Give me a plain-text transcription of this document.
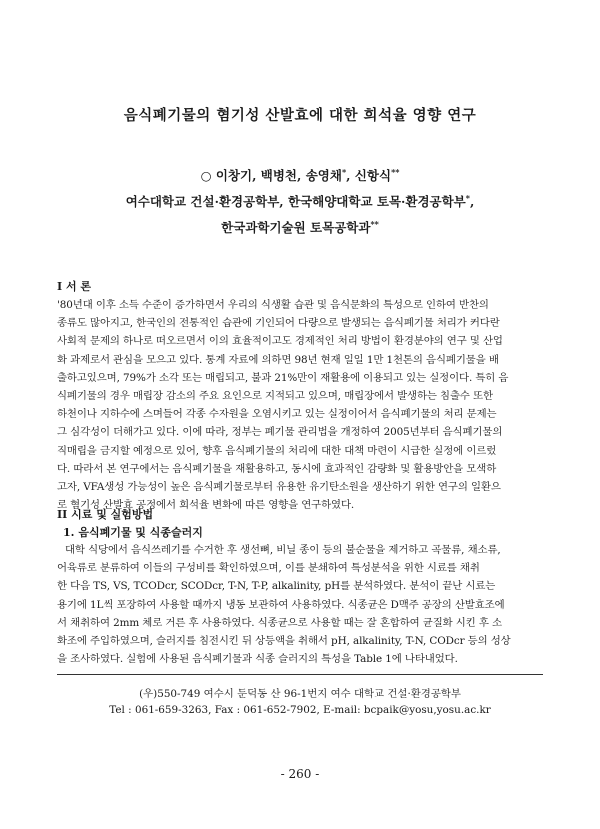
음식폐기물의 혐기성 산발효에 대한 희석율 영향 연구
○ 이창기, 백병천, 송영채*, 신항식**
여수대학교 건설·환경공학부, 한국해양대학교 토목·환경공학부*,
한국과학기술원 토목공학과**
I 서 론
'80년대 이후 소득 수준이 증가하면서 우리의 식생활 습관 및 음식문화의 특성으로 인하여 반찬의
종류도 많아지고, 한국인의 전통적인 습관에 기인되어 다량으로 발생되는 음식폐기물 처리가 커다란
사회적 문제의 하나로 떠오르면서 이의 효율적이고도 경제적인 처리 방법이 환경분야의 연구 및 산업
화 과제로서 관심을 모으고 있다. 통계 자료에 의하면 98년 현재 일일 1만 1천톤의 음식폐기물을 배
출하고있으며, 79%가 소각 또는 매립되고, 불과 21%만이 재활용에 이용되고 있는 실정이다. 특히 음
식폐기물의 경우 매립장 감소의 주요 요인으로 지적되고 있으며, 매립장에서 발생하는 침출수 또한
하천이나 지하수에 스며들어 각종 수자원을 오염시키고 있는 실정이어서 음식폐기물의 처리 문제는
그 심각성이 더해가고 있다. 이에 따라, 정부는 폐기물 관리법을 개정하여 2005년부터 음식폐기물의
직매립을 금지할 예정으로 있어, 향후 음식폐기물의 처리에 대한 대책 마련이 시급한 실정에 이르렀
다. 따라서 본 연구에서는 음식폐기물을 재활용하고, 동시에 효과적인 감량화 및 활용방안을 모색하
고자, VFA생성 가능성이 높은 음식폐기물로부터 유용한 유기탄소원을 생산하기 위한 연구의 일환으
로 혐기성 산발효 공정에서 희석율 변화에 따른 영향을 연구하였다.
II 시료 및 실험방법
1. 음식폐기물 및 식종슬러지
대학 식당에서 음식쓰레기를 수거한 후 생선뼈, 비닐 종이 등의 불순물을 제거하고 곡물류, 채소류,
어육류로 분류하여 이들의 구성비를 확인하였으며, 이를 분쇄하여 특성분석을 위한 시료를 채취
한 다음 TS, VS, TCODcr, SCODcr, T-N, T-P, alkalinity, pH를 분석하였다. 분석이 끝난 시료는
용기에 1L씩 포장하여 사용할 때까지 냉동 보관하여 사용하였다. 식종균은 D맥주 공장의 산발효조에
서 채취하여 2mm 체로 거른 후 사용하였다. 식종균으로 사용할 때는 잘 혼합하여 균질화 시킨 후 소
화조에 주입하였으며, 슬러지를 침전시킨 뒤 상등액을 취해서 pH, alkalinity, T-N, CODcr 등의 성상
을 조사하였다. 실험에 사용된 음식폐기물과 식종 슬러지의 특성을 Table 1에 나타내었다.
(우)550-749 여수시 둔덕동 산 96-1번지 여수 대학교 건설·환경공학부
Tel : 061-659-3263, Fax : 061-652-7902, E-mail: bcpaik@yosu,yosu.ac.kr
- 260 -
